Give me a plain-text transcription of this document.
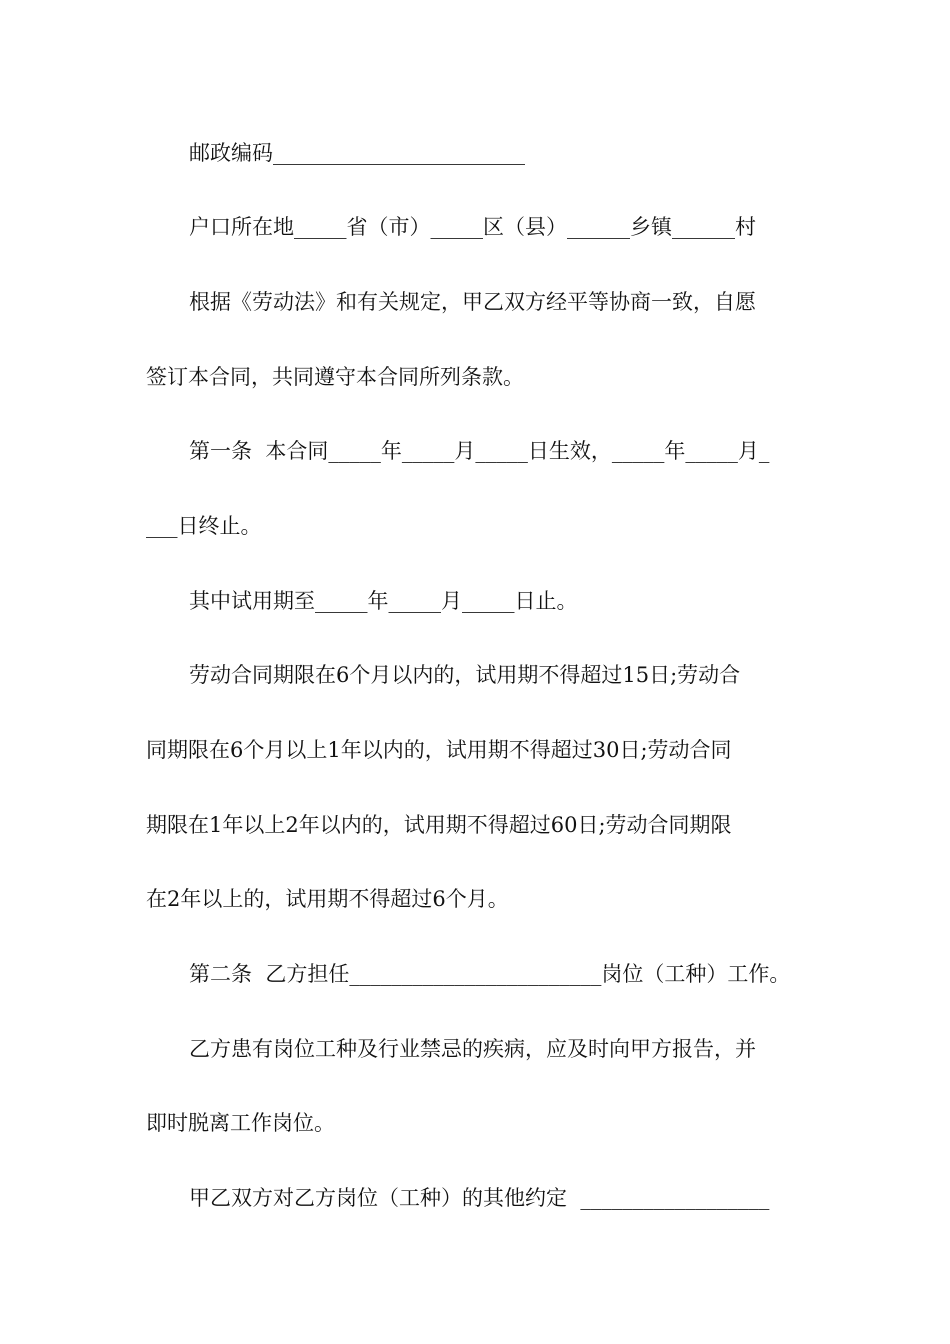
邮政编码________________________
户口所在地_____省（市）_____区（县）______乡镇______村
根据《劳动法》和有关规定，甲乙双方经平等协商一致，自愿
签订本合同，共同遵守本合同所列条款。
第一条  本合同_____年_____月_____日生效，_____年_____月_
___日终止。
其中试用期至_____年_____月_____日止。
劳动合同期限在6个月以内的，试用期不得超过15日;劳动合
同期限在6个月以上1年以内的，试用期不得超过30日;劳动合同
期限在1年以上2年以内的，试用期不得超过60日;劳动合同期限
在2年以上的，试用期不得超过6个月。
第二条  乙方担任________________________岗位（工种）工作。
乙方患有岗位工种及行业禁忌的疾病，应及时向甲方报告，并
即时脱离工作岗位。
甲乙双方对乙方岗位（工种）的其他约定  __________________
